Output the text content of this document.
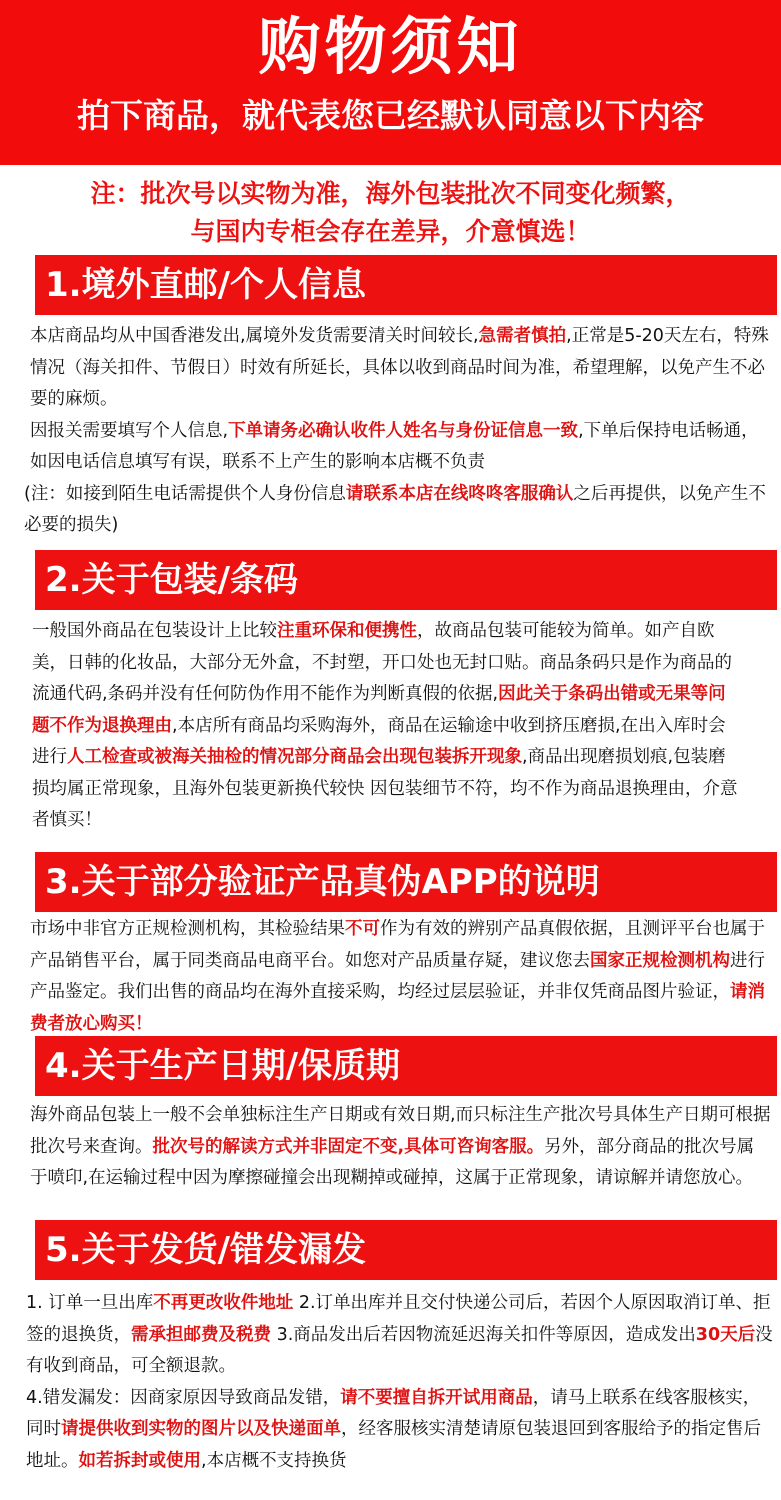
购物须知
拍下商品，就代表您已经默认同意以下内容
注：批次号以实物为准，海外包装批次不同变化频繁，
与国内专柜会存在差异，介意慎选！
1.境外直邮/个人信息

本店商品均从中国香港发出,属境外发货需要清关时间较长,急需者慎拍,正常是5-20天左右，特殊情况（海关扣件、节假日）时效有所延长，具体以收到商品时间为准，希望理解，以免产生不必要的麻烦。

因报关需要填写个人信息,下单请务必确认收件人姓名与身份证信息一致,下单后保持电话畅通，如因电话信息填写有误，联系不上产生的影响本店概不负责

(注：如接到陌生电话需提供个人身份信息请联系本店在线咚咚客服确认之后再提供，以免产生不必要的损失)

2.关于包装/条码

一般国外商品在包装设计上比较注重环保和便携性，故商品包装可能较为简单。如产自欧美，日韩的化妆品，大部分无外盒，不封塑，开口处也无封口贴。商品条码只是作为商品的流通代码,条码并没有任何防伪作用不能作为判断真假的依据,因此关于条码出错或无果等问题不作为退换理由,本店所有商品均采购海外，商品在运输途中收到挤压磨损,在出入库时会进行人工检查或被海关抽检的情况部分商品会出现包装拆开现象,商品出现磨损划痕,包装磨损均属正常现象，且海外包装更新换代较快 因包装细节不符，均不作为商品退换理由，介意者慎买！

3.关于部分验证产品真伪APP的说明

市场中非官方正规检测机构，其检验结果不可作为有效的辨别产品真假依据，且测评平台也属于产品销售平台，属于同类商品电商平台。如您对产品质量存疑，建议您去国家正规检测机构进行产品鉴定。我们出售的商品均在海外直接采购，均经过层层验证，并非仅凭商品图片验证，请消费者放心购买！

4.关于生产日期/保质期

海外商品包装上一般不会单独标注生产日期或有效日期,而只标注生产批次号具体生产日期可根据批次号来查询。批次号的解读方式并非固定不变,具体可咨询客服。另外，部分商品的批次号属于喷印,在运输过程中因为摩擦碰撞会出现糊掉或碰掉，这属于正常现象，请谅解并请您放心。

5.关于发货/错发漏发

1. 订单一旦出库不再更改收件地址 2.订单出库并且交付快递公司后，若因个人原因取消订单、拒签的退换货，需承担邮费及税费 3.商品发出后若因物流延迟海关扣件等原因，造成发出30天后没有收到商品，可全额退款。

4.错发漏发：因商家原因导致商品发错，请不要擅自拆开试用商品，请马上联系在线客服核实，同时请提供收到实物的图片以及快递面单，经客服核实清楚请原包装退回到客服给予的指定售后地址。如若拆封或使用,本店概不支持换货
